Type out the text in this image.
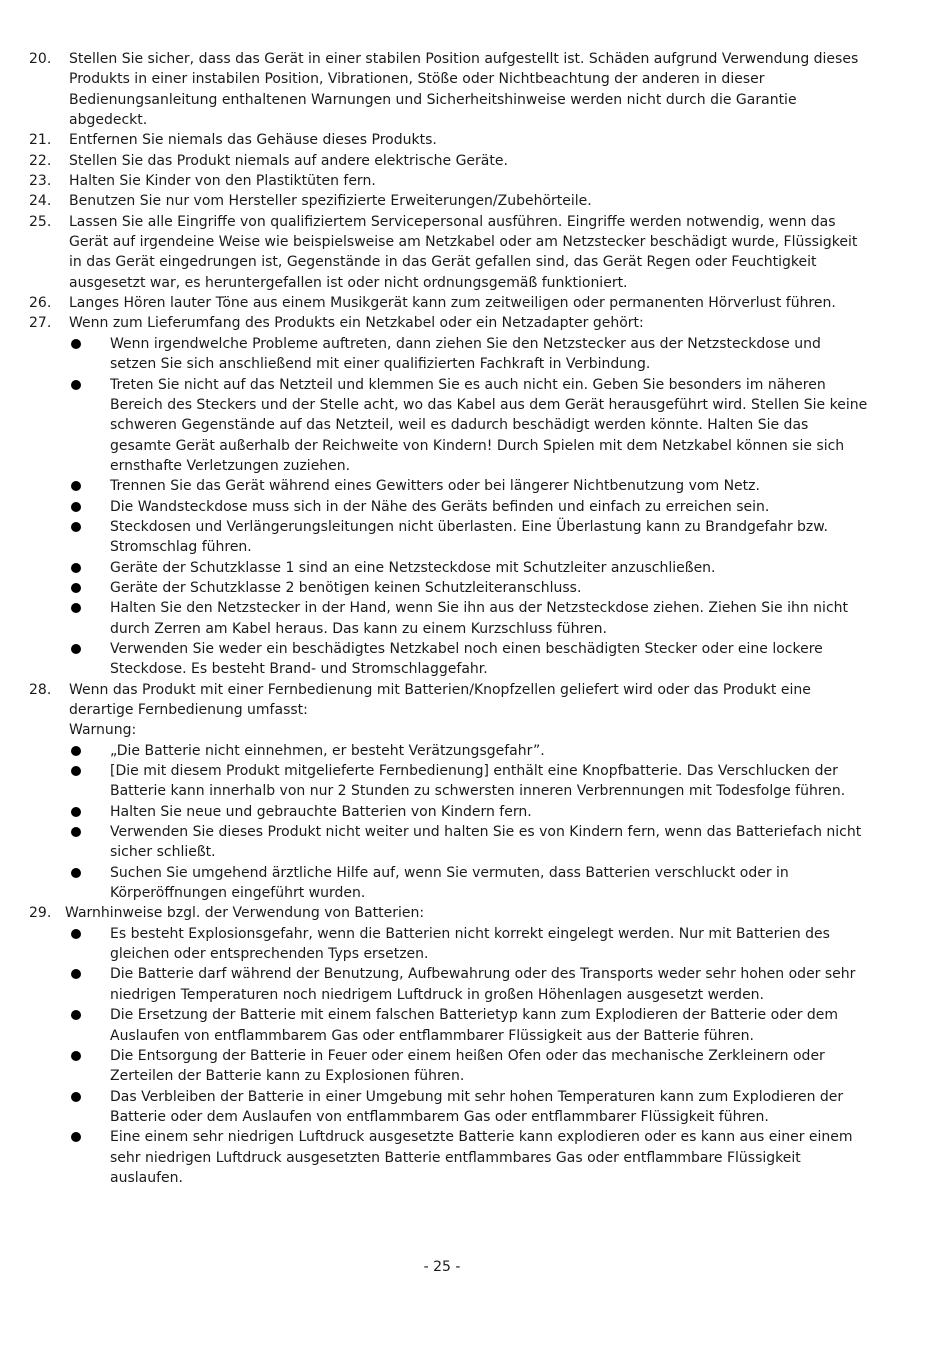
20. Stellen Sie sicher, dass das Gerät in einer stabilen Position aufgestellt ist. Schäden aufgrund Verwendung dieses Produkts in einer instabilen Position, Vibrationen, Stöße oder Nichtbeachtung der anderen in dieser Bedienungsanleitung enthaltenen Warnungen und Sicherheitshinweise werden nicht durch die Garantie abgedeckt.
21. Entfernen Sie niemals das Gehäuse dieses Produkts.
22. Stellen Sie das Produkt niemals auf andere elektrische Geräte.
23. Halten Sie Kinder von den Plastiktüten fern.
24. Benutzen Sie nur vom Hersteller spezifizierte Erweiterungen/Zubehörteile.
25. Lassen Sie alle Eingriffe von qualifiziertem Servicepersonal ausführen. Eingriffe werden notwendig, wenn das Gerät auf irgendeine Weise wie beispielsweise am Netzkabel oder am Netzstecker beschädigt wurde, Flüssigkeit in das Gerät eingedrungen ist, Gegenstände in das Gerät gefallen sind, das Gerät Regen oder Feuchtigkeit ausgesetzt war, es heruntergefallen ist oder nicht ordnungsgemäß funktioniert.
26. Langes Hören lauter Töne aus einem Musikgerät kann zum zeitweiligen oder permanenten Hörverlust führen.
27. Wenn zum Lieferumfang des Produkts ein Netzkabel oder ein Netzadapter gehört:
Wenn irgendwelche Probleme auftreten, dann ziehen Sie den Netzstecker aus der Netzsteckdose und setzen Sie sich anschließend mit einer qualifizierten Fachkraft in Verbindung.
Treten Sie nicht auf das Netzteil und klemmen Sie es auch nicht ein. Geben Sie besonders im näheren Bereich des Steckers und der Stelle acht, wo das Kabel aus dem Gerät herausgeführt wird. Stellen Sie keine schweren Gegenstände auf das Netzteil, weil es dadurch beschädigt werden könnte. Halten Sie das gesamte Gerät außerhalb der Reichweite von Kindern! Durch Spielen mit dem Netzkabel können sie sich ernsthafte Verletzungen zuziehen.
Trennen Sie das Gerät während eines Gewitters oder bei längerer Nichtbenutzung vom Netz.
Die Wandsteckdose muss sich in der Nähe des Geräts befinden und einfach zu erreichen sein.
Steckdosen und Verlängerungsleitungen nicht überlasten. Eine Überlastung kann zu Brandgefahr bzw. Stromschlag führen.
Geräte der Schutzklasse 1 sind an eine Netzsteckdose mit Schutzleiter anzuschließen.
Geräte der Schutzklasse 2 benötigen keinen Schutzleiteranschluss.
Halten Sie den Netzstecker in der Hand, wenn Sie ihn aus der Netzsteckdose ziehen. Ziehen Sie ihn nicht durch Zerren am Kabel heraus. Das kann zu einem Kurzschluss führen.
Verwenden Sie weder ein beschädigtes Netzkabel noch einen beschädigten Stecker oder eine lockere Steckdose. Es besteht Brand- und Stromschlaggefahr.
28. Wenn das Produkt mit einer Fernbedienung mit Batterien/Knopfzellen geliefert wird oder das Produkt eine derartige Fernbedienung umfasst:
Warnung:
„Die Batterie nicht einnehmen, er besteht Verätzungsgefahr”.
[Die mit diesem Produkt mitgelieferte Fernbedienung] enthält eine Knopfbatterie. Das Verschlucken der Batterie kann innerhalb von nur 2 Stunden zu schwersten inneren Verbrennungen mit Todesfolge führen.
Halten Sie neue und gebrauchte Batterien von Kindern fern.
Verwenden Sie dieses Produkt nicht weiter und halten Sie es von Kindern fern, wenn das Batteriefach nicht sicher schließt.
Suchen Sie umgehend ärztliche Hilfe auf, wenn Sie vermuten, dass Batterien verschluckt oder in Körperöffnungen eingeführt wurden.
29. Warnhinweise bzgl. der Verwendung von Batterien:
Es besteht Explosionsgefahr, wenn die Batterien nicht korrekt eingelegt werden. Nur mit Batterien des gleichen oder entsprechenden Typs ersetzen.
Die Batterie darf während der Benutzung, Aufbewahrung oder des Transports weder sehr hohen oder sehr niedrigen Temperaturen noch niedrigem Luftdruck in großen Höhenlagen ausgesetzt werden.
Die Ersetzung der Batterie mit einem falschen Batterietyp kann zum Explodieren der Batterie oder dem Auslaufen von entflammbarem Gas oder entflammbarer Flüssigkeit aus der Batterie führen.
Die Entsorgung der Batterie in Feuer oder einem heißen Ofen oder das mechanische Zerkleinern oder Zerteilen der Batterie kann zu Explosionen führen.
Das Verbleiben der Batterie in einer Umgebung mit sehr hohen Temperaturen kann zum Explodieren der Batterie oder dem Auslaufen von entflammbarem Gas oder entflammbarer Flüssigkeit führen.
Eine einem sehr niedrigen Luftdruck ausgesetzte Batterie kann explodieren oder es kann aus einer einem sehr niedrigen Luftdruck ausgesetzten Batterie entflammbares Gas oder entflammbare Flüssigkeit auslaufen.
- 25 -
